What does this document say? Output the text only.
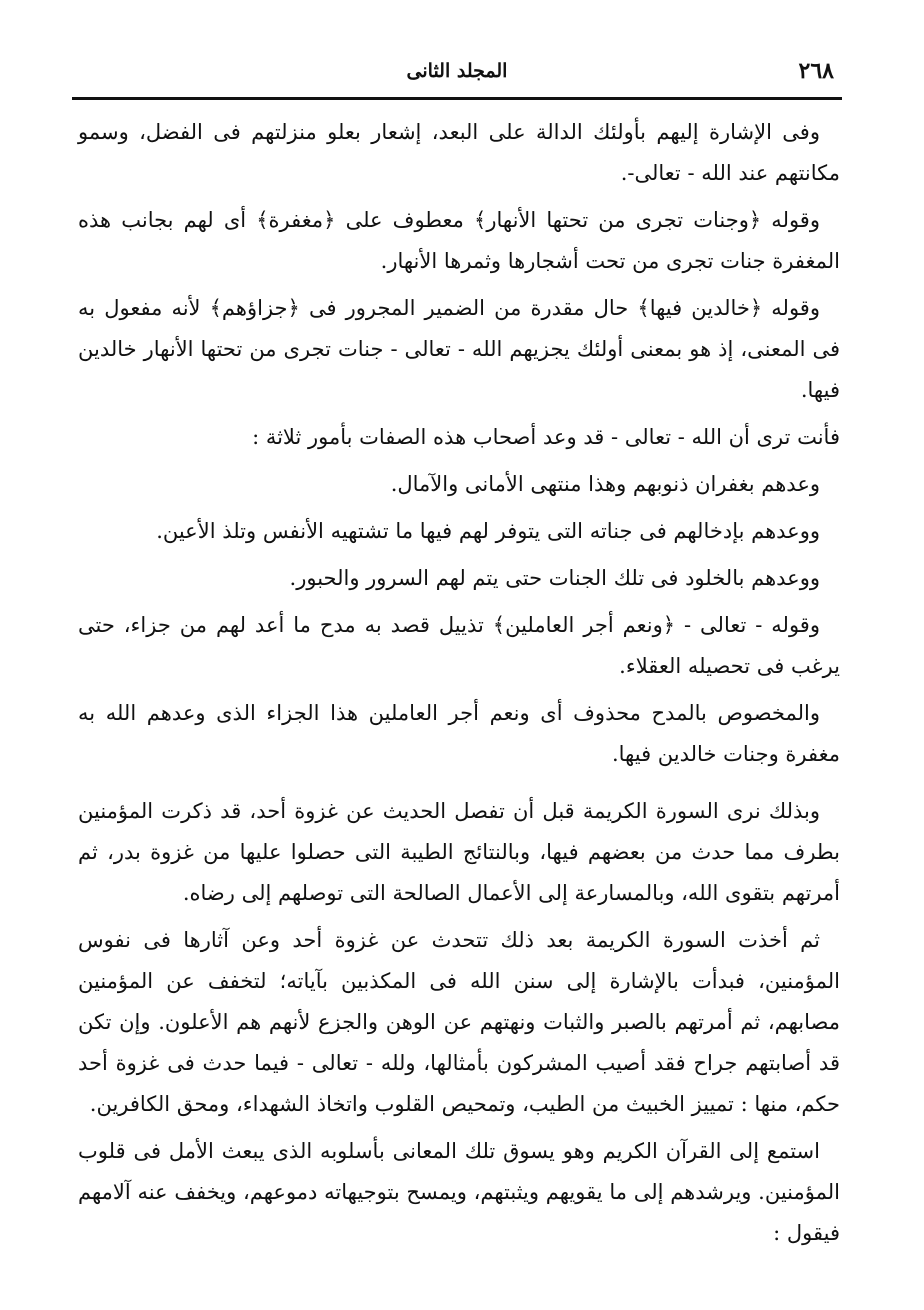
٢٦٨
المجلد الثانى

وفى الإشارة إليهم بأولئك الدالة على البعد، إشعار بعلو منزلتهم فى الفضل، وسمو مكانتهم عند الله - تعالى-.

وقوله ﴿وجنات تجرى من تحتها الأنهار﴾ معطوف على ﴿مغفرة﴾ أى لهم بجانب هذه المغفرة جنات تجرى من تحت أشجارها وثمرها الأنهار.

وقوله ﴿خالدين فيها﴾ حال مقدرة من الضمير المجرور فى ﴿جزاؤهم﴾ لأنه مفعول به فى المعنى، إذ هو بمعنى أولئك يجزيهم الله - تعالى - جنات تجرى من تحتها الأنهار خالدين فيها.

فأنت ترى أن الله - تعالى - قد وعد أصحاب هذه الصفات بأمور ثلاثة :

وعدهم بغفران ذنوبهم وهذا منتهى الأمانى والآمال.

ووعدهم بإدخالهم فى جناته التى يتوفر لهم فيها ما تشتهيه الأنفس وتلذ الأعين.

ووعدهم بالخلود فى تلك الجنات حتى يتم لهم السرور والحبور.

وقوله - تعالى - ﴿ونعم أجر العاملين﴾ تذييل قصد به مدح ما أعد لهم من جزاء، حتى يرغب فى تحصيله العقلاء.

والمخصوص بالمدح محذوف أى ونعم أجر العاملين هذا الجزاء الذى وعدهم الله به مغفرة وجنات خالدين فيها.

وبذلك نرى السورة الكريمة قبل أن تفصل الحديث عن غزوة أحد، قد ذكرت المؤمنين بطرف مما حدث من بعضهم فيها، وبالنتائج الطيبة التى حصلوا عليها من غزوة بدر، ثم أمرتهم بتقوى الله، وبالمسارعة إلى الأعمال الصالحة التى توصلهم إلى رضاه.

ثم أخذت السورة الكريمة بعد ذلك تتحدث عن غزوة أحد وعن آثارها فى نفوس المؤمنين، فبدأت بالإشارة إلى سنن الله فى المكذبين بآياته؛ لتخفف عن المؤمنين مصابهم، ثم أمرتهم بالصبر والثبات ونهتهم عن الوهن والجزع لأنهم هم الأعلون. وإن تكن قد أصابتهم جراح فقد أصيب المشركون بأمثالها، ولله - تعالى - فيما حدث فى غزوة أحد حكم، منها : تمييز الخبيث من الطيب، وتمحيص القلوب واتخاذ الشهداء، ومحق الكافرين.

استمع إلى القرآن الكريم وهو يسوق تلك المعانى بأسلوبه الذى يبعث الأمل فى قلوب المؤمنين. ويرشدهم إلى ما يقويهم ويثبتهم، ويمسح بتوجيهاته دموعهم، ويخفف عنه آلامهم فيقول :
